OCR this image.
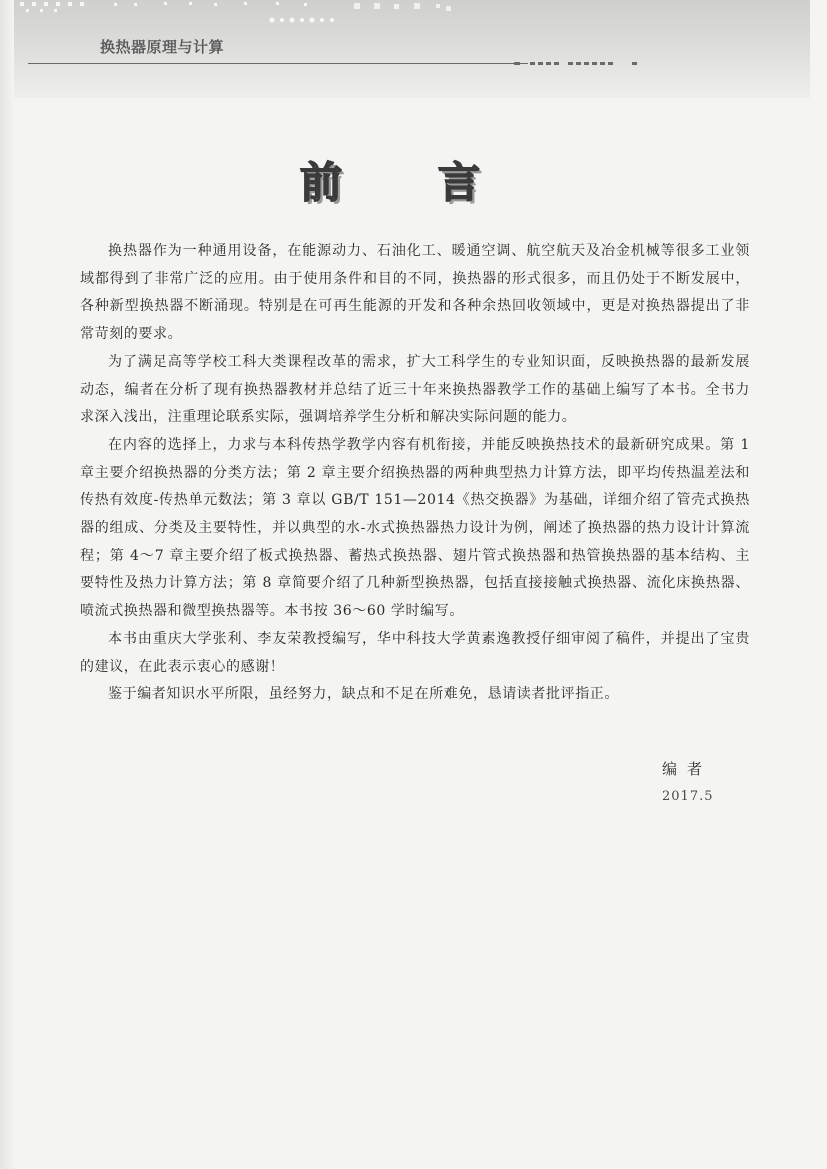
换热器原理与计算
前 言

换热器作为一种通用设备，在能源动力、石油化工、暖通空调、航空航天及冶金机械等很多工业领域都得到了非常广泛的应用。由于使用条件和目的不同，换热器的形式很多，而且仍处于不断发展中，各种新型换热器不断涌现。特别是在可再生能源的开发和各种余热回收领域中，更是对换热器提出了非常苛刻的要求。

为了满足高等学校工科大类课程改革的需求，扩大工科学生的专业知识面，反映换热器的最新发展动态，编者在分析了现有换热器教材并总结了近三十年来换热器教学工作的基础上编写了本书。全书力求深入浅出，注重理论联系实际，强调培养学生分析和解决实际问题的能力。

在内容的选择上，力求与本科传热学教学内容有机衔接，并能反映换热技术的最新研究成果。第 1 章主要介绍换热器的分类方法；第 2 章主要介绍换热器的两种典型热力计算方法，即平均传热温差法和传热有效度-传热单元数法；第 3 章以 GB/T 151—2014《热交换器》为基础，详细介绍了管壳式换热器的组成、分类及主要特性，并以典型的水-水式换热器热力设计为例，阐述了换热器的热力设计计算流程；第 4～7 章主要介绍了板式换热器、蓄热式换热器、翅片管式换热器和热管换热器的基本结构、主要特性及热力计算方法；第 8 章简要介绍了几种新型换热器，包括直接接触式换热器、流化床换热器、喷流式换热器和微型换热器等。本书按 36～60 学时编写。

本书由重庆大学张利、李友荣教授编写，华中科技大学黄素逸教授仔细审阅了稿件，并提出了宝贵的建议，在此表示衷心的感谢！

鉴于编者知识水平所限，虽经努力，缺点和不足在所难免，恳请读者批评指正。

编者
2017.5
